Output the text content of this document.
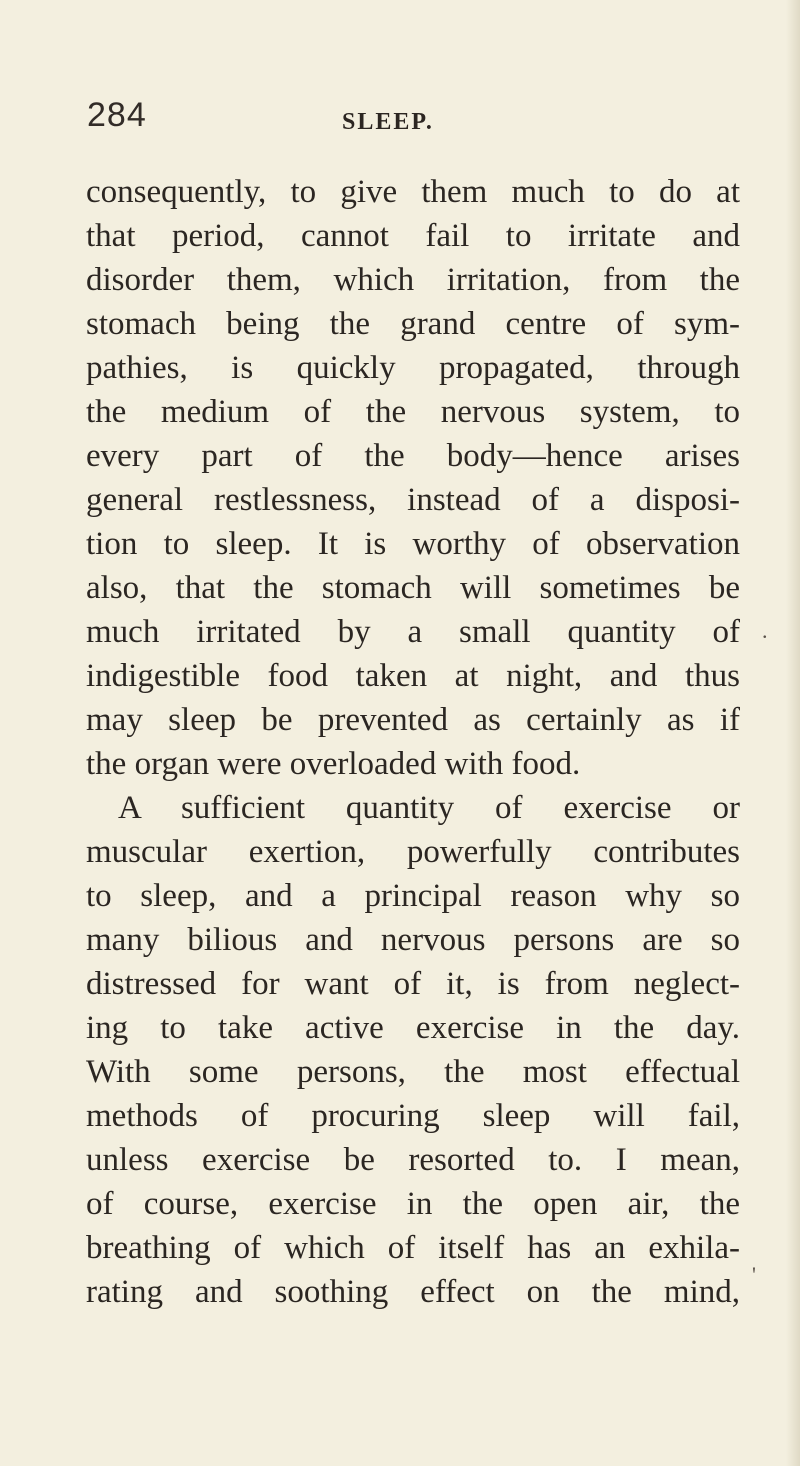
284	SLEEP.
consequently, to give them much to do at
that period, cannot fail to irritate and
disorder them, which irritation, from the
stomach being the grand centre of sym-
pathies, is quickly propagated, through
the medium of the nervous system, to
every part of the body—hence arises
general restlessness, instead of a disposi-
tion to sleep. It is worthy of observation
also, that the stomach will sometimes be
much irritated by a small quantity of
indigestible food taken at night, and thus
may sleep be prevented as certainly as if
the organ were overloaded with food.
A sufficient quantity of exercise or
muscular exertion, powerfully contributes
to sleep, and a principal reason why so
many bilious and nervous persons are so
distressed for want of it, is from neglect-
ing to take active exercise in the day.
With some persons, the most effectual
methods of procuring sleep will fail,
unless exercise be resorted to. I mean,
of course, exercise in the open air, the
breathing of which of itself has an exhila-
rating and soothing effect on the mind,
.
'
